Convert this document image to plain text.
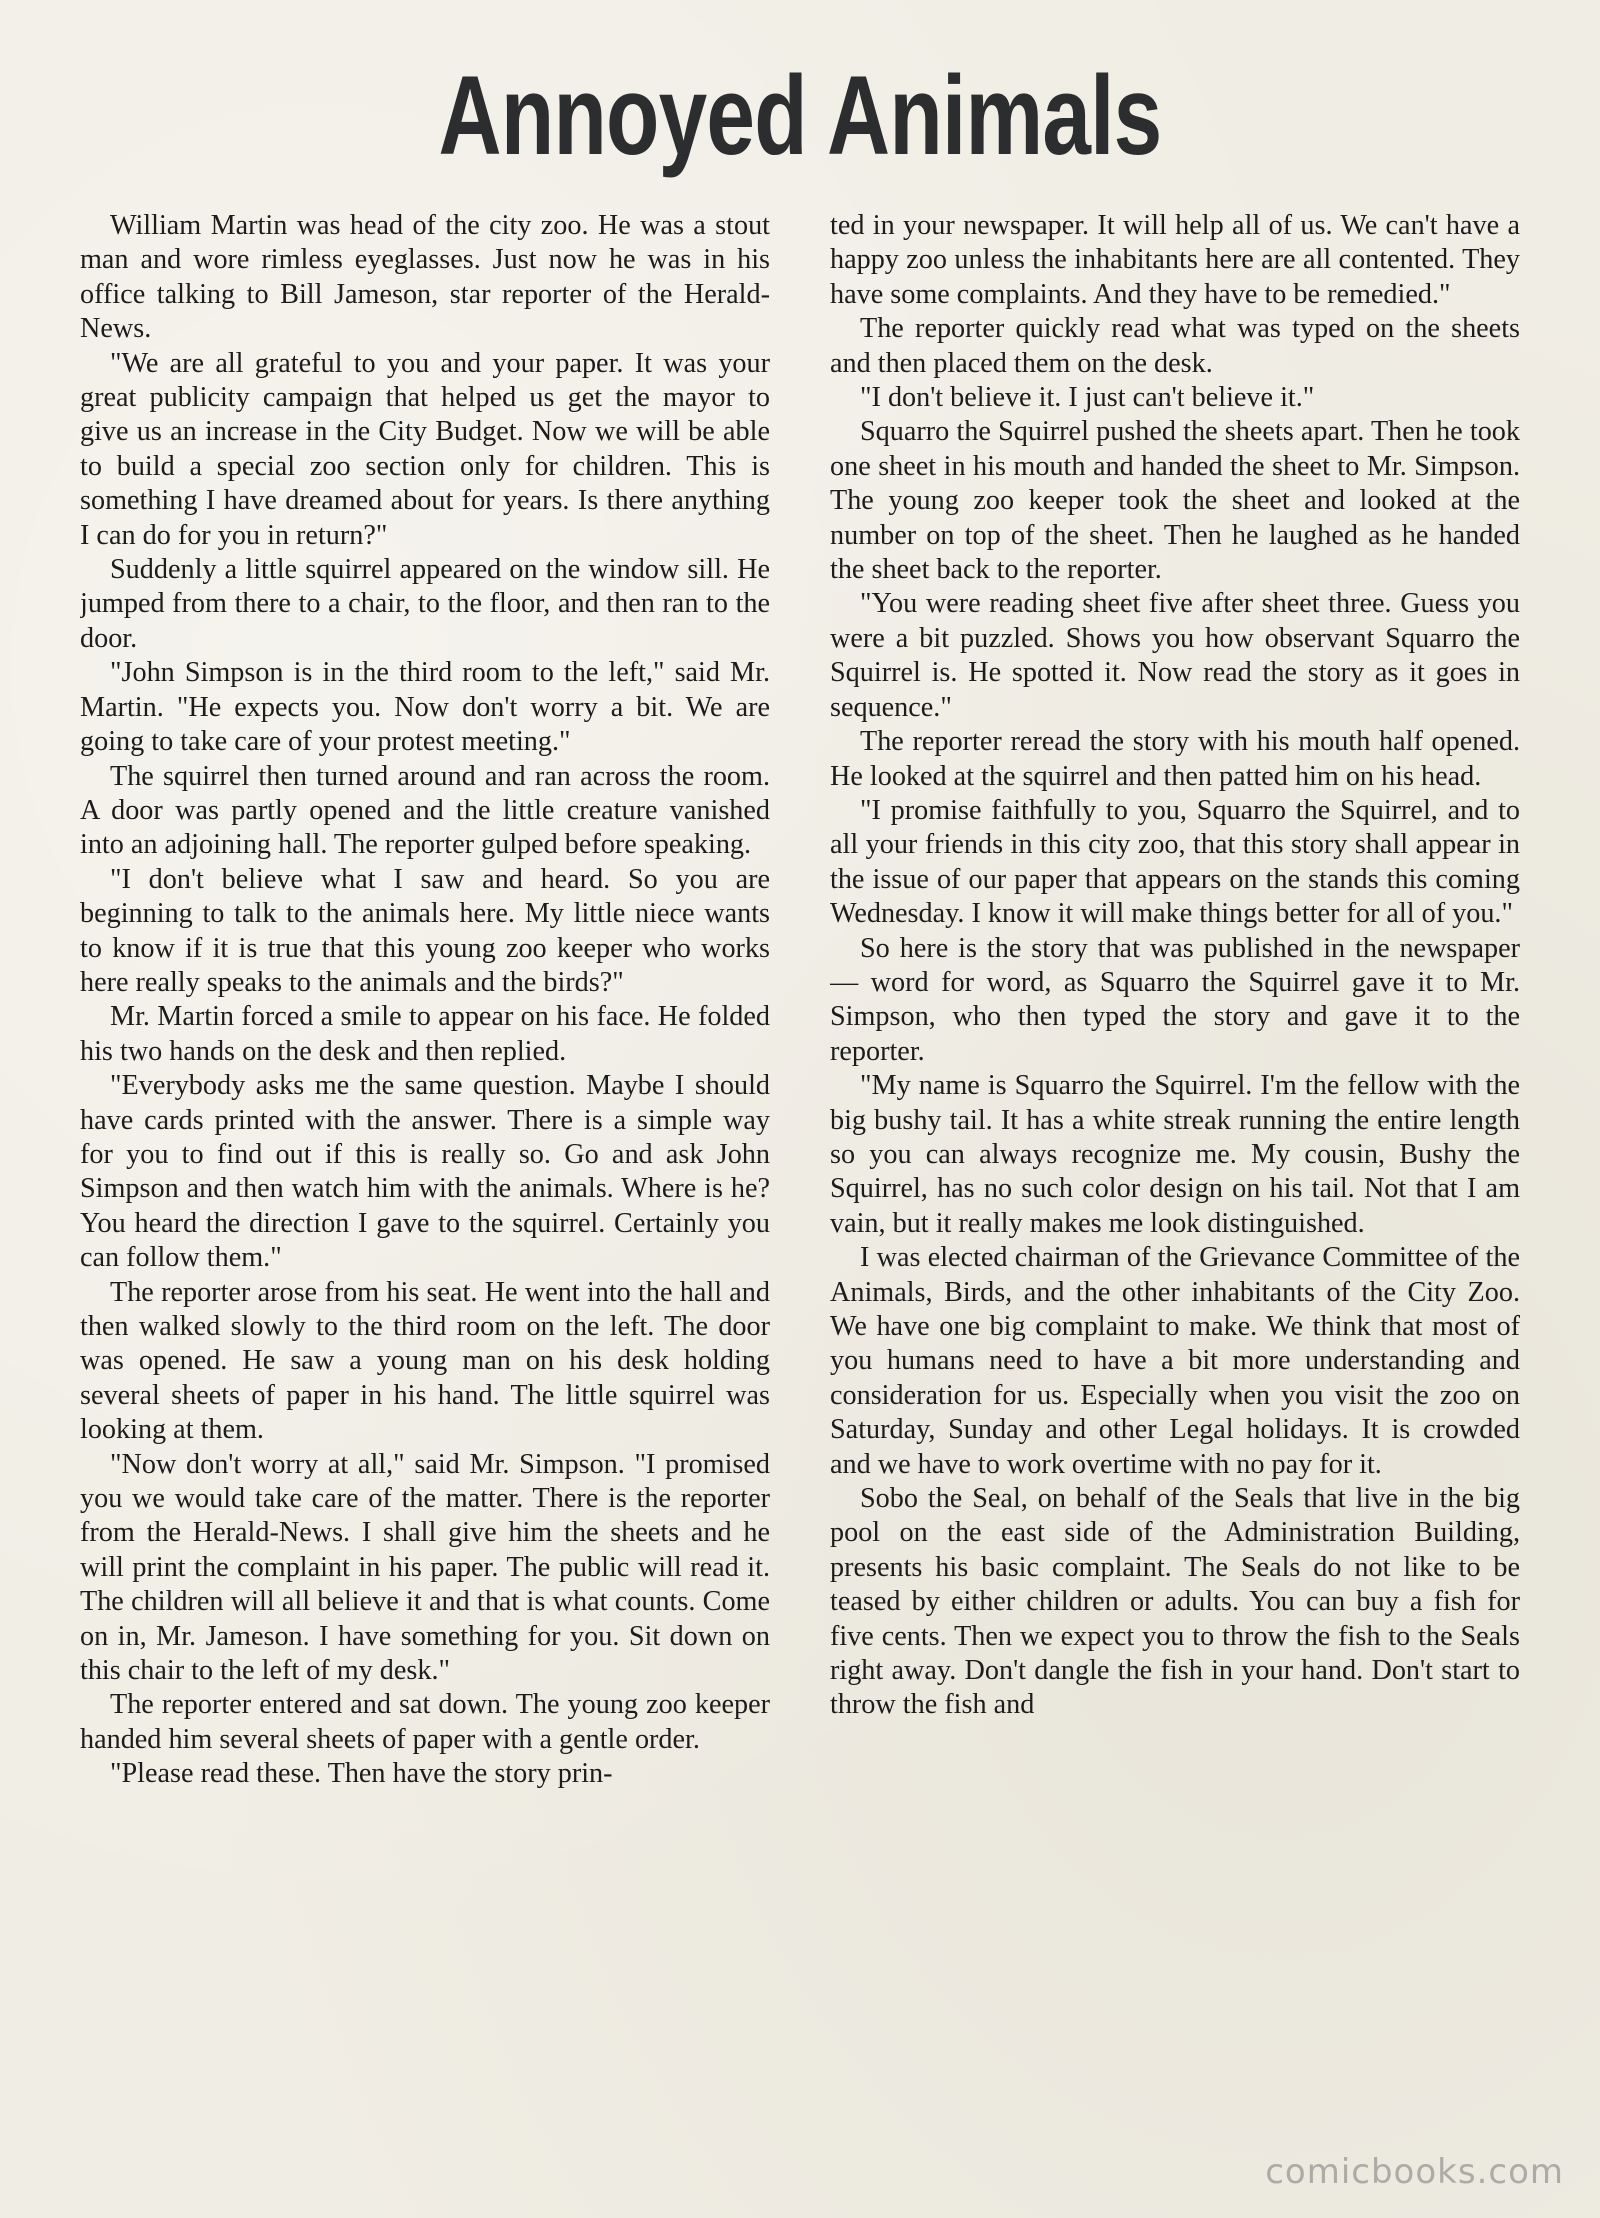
Annoyed Animals

William Martin was head of the city zoo. He was a stout man and wore rimless eyeglasses. Just now he was in his office talking to Bill Jameson, star reporter of the Herald-News.

"We are all grateful to you and your paper. It was your great publicity campaign that helped us get the mayor to give us an increase in the City Budget. Now we will be able to build a special zoo section only for children. This is something I have dreamed about for years. Is there anything I can do for you in return?"

Suddenly a little squirrel appeared on the window sill. He jumped from there to a chair, to the floor, and then ran to the door.

"John Simpson is in the third room to the left," said Mr. Martin. "He expects you. Now don't worry a bit. We are going to take care of your protest meeting."

The squirrel then turned around and ran across the room. A door was partly opened and the little creature vanished into an adjoining hall. The reporter gulped before speaking.

"I don't believe what I saw and heard. So you are beginning to talk to the animals here. My little niece wants to know if it is true that this young zoo keeper who works here really speaks to the animals and the birds?"

Mr. Martin forced a smile to appear on his face. He folded his two hands on the desk and then replied.

"Everybody asks me the same question. Maybe I should have cards printed with the answer. There is a simple way for you to find out if this is really so. Go and ask John Simpson and then watch him with the animals. Where is he? You heard the direction I gave to the squirrel. Certainly you can follow them."

The reporter arose from his seat. He went into the hall and then walked slowly to the third room on the left. The door was opened. He saw a young man on his desk holding several sheets of paper in his hand. The little squirrel was looking at them.

"Now don't worry at all," said Mr. Simpson. "I promised you we would take care of the matter. There is the reporter from the Herald-News. I shall give him the sheets and he will print the complaint in his paper. The public will read it. The children will all believe it and that is what counts. Come on in, Mr. Jameson. I have something for you. Sit down on this chair to the left of my desk."

The reporter entered and sat down. The young zoo keeper handed him several sheets of paper with a gentle order.

"Please read these. Then have the story prin-

ted in your newspaper. It will help all of us. We can't have a happy zoo unless the inhabitants here are all contented. They have some complaints. And they have to be remedied."

The reporter quickly read what was typed on the sheets and then placed them on the desk.

"I don't believe it. I just can't believe it."

Squarro the Squirrel pushed the sheets apart. Then he took one sheet in his mouth and handed the sheet to Mr. Simpson. The young zoo keeper took the sheet and looked at the number on top of the sheet. Then he laughed as he handed the sheet back to the reporter.

"You were reading sheet five after sheet three. Guess you were a bit puzzled. Shows you how observant Squarro the Squirrel is. He spotted it. Now read the story as it goes in sequence."

The reporter reread the story with his mouth half opened. He looked at the squirrel and then patted him on his head.

"I promise faithfully to you, Squarro the Squirrel, and to all your friends in this city zoo, that this story shall appear in the issue of our paper that appears on the stands this coming Wednesday. I know it will make things better for all of you."

So here is the story that was published in the newspaper — word for word, as Squarro the Squirrel gave it to Mr. Simpson, who then typed the story and gave it to the reporter.

"My name is Squarro the Squirrel. I'm the fellow with the big bushy tail. It has a white streak running the entire length so you can always recognize me. My cousin, Bushy the Squirrel, has no such color design on his tail. Not that I am vain, but it really makes me look distinguished.

I was elected chairman of the Grievance Committee of the Animals, Birds, and the other inhabitants of the City Zoo. We have one big complaint to make. We think that most of you humans need to have a bit more understanding and consideration for us. Especially when you visit the zoo on Saturday, Sunday and other Legal holidays. It is crowded and we have to work overtime with no pay for it.

Sobo the Seal, on behalf of the Seals that live in the big pool on the east side of the Administration Building, presents his basic complaint. The Seals do not like to be teased by either children or adults. You can buy a fish for five cents. Then we expect you to throw the fish to the Seals right away. Don't dangle the fish in your hand. Don't start to throw the fish and

comicbooks.com
